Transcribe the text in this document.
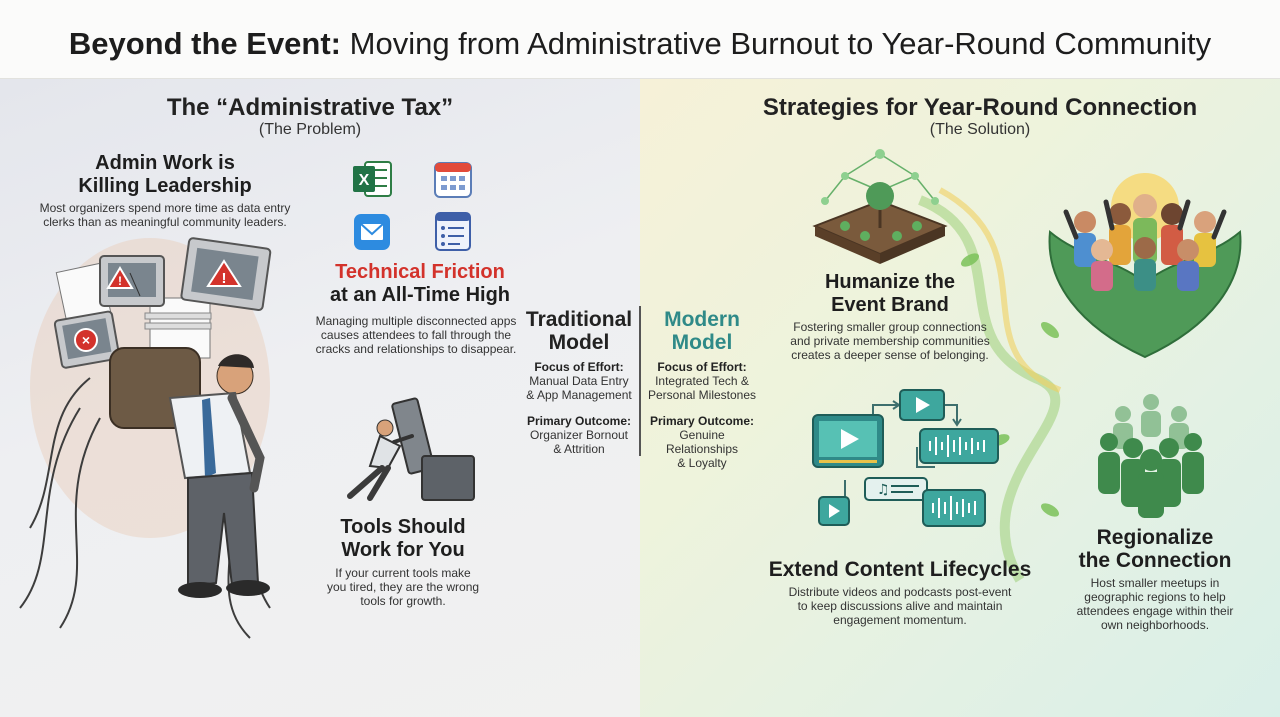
Beyond the Event: Moving from Administrative Burnout to Year-Round Community
The “Administrative Tax”
(The Problem)
Admin Work is
Killing Leadership
Most organizers spend more time as data entry
clerks than as meaningful community leaders.
X
Technical Friction
at an All-Time High
Managing multiple disconnected apps
causes attendees to fall through the
cracks and relationships to disappear.
!	!
×
Tools Should
Work for You
If your current tools make
you tired, they are the wrong
tools for growth.
Traditional
Model
Focus of Effort:
Manual Data Entry
& App Management
Primary Outcome:
Organizer Bornout
& Attrition
Modern
Model
Focus of Effort:
Integrated Tech &
Personal Milestones
Primary Outcome:
Genuine Relationships
& Loyalty
Strategies for Year-Round Connection
(The Solution)
Humanize the
Event Brand
Fostering smaller group connections
and private membership communities
creates a deeper sense of belonging.
♫
Extend Content Lifecycles
Distribute videos and podcasts post-event
to keep discussions alive and maintain
engagement momentum.
Regionalize
the Connection
Host smaller meetups in
geographic regions to help
attendees engage within their
own neighborhoods.
